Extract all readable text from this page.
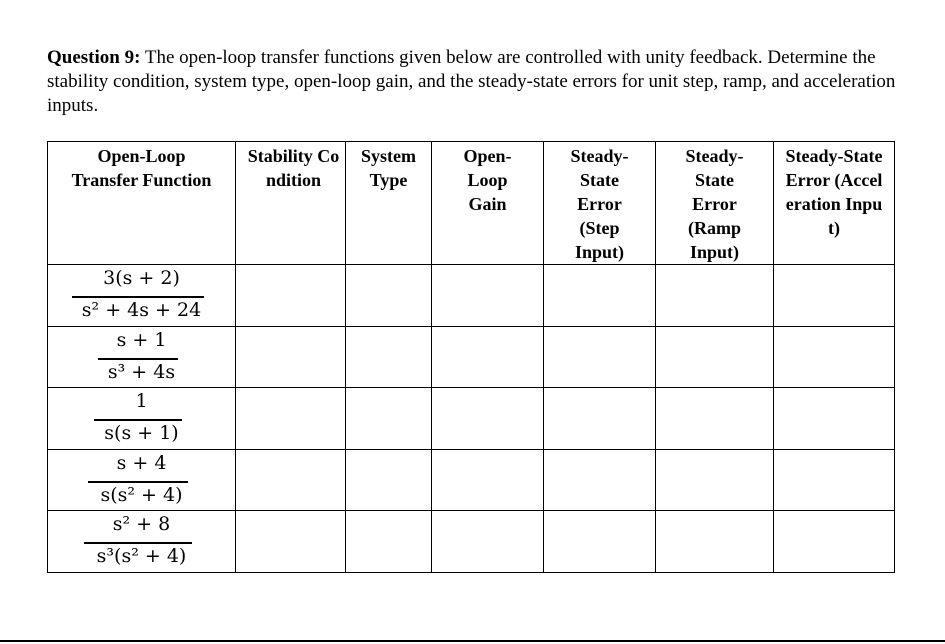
Question 9: The open-loop transfer functions given below are controlled with unity feedback. Determine the stability condition, system type, open-loop gain, and the steady-state errors for unit step, ramp, and acceleration inputs.
Open-Loop Transfer Function	Stability Condition	System Type	Open-Loop Gain	Steady-State Error (Step Input)	Steady-State Error (Ramp Input)	Steady-State Error (Acceleration Input)

3(s + 2)
s² + 4s + 24						

s + 1
s³ + 4s						

1
s(s + 1)						

s + 4
s(s² + 4)						

s² + 8
s³(s² + 4)						
